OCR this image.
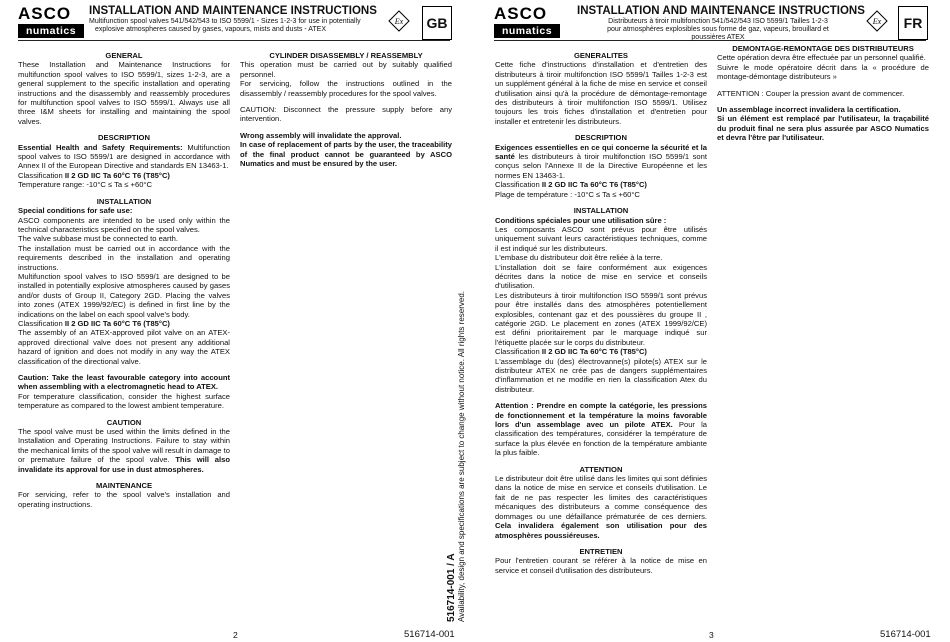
ASCO
numatics
INSTALLATION AND MAINTENANCE INSTRUCTIONS
Multifunction spool valves 541/542/543 to ISO 5599/1 - Sizes 1-2-3 for use in potentially
explosive atmospheres caused by gases, vapours, mists and dusts - ATEX
Ex	GB

GENERAL

These Installation and Maintenance Instructions for multifunction spool valves to ISO 5599/1, sizes 1-2-3, are a general supplement to the specific installation and operating instructions and the disassembly and reassembly procedures for multifunction spool valves to ISO 5599/1. Always use all three I&M sheets for installing and maintaining the spool valves.

DESCRIPTION

Essential Health and Safety Requirements: Multifunction spool valves to ISO 5599/1 are designed in accordance with Annex II of the European Directive and standards EN 13463-1.

Classification II 2 GD IIC Ta 60°C T6 (T85°C)

Temperature range: -10°C ≤ Ta ≤ +60°C

INSTALLATION

Special conditions for safe use:

ASCO components are intended to be used only within the technical characteristics specified on the spool valves.

The valve subbase must be connected to earth.

The installation must be carried out in accordance with the requirements described in the installation and operating instructions.

Multifunction spool valves to ISO 5599/1 are designed to be installed in potentially explosive atmospheres caused by gases and/or dusts of Group II, Category 2GD. Placing the valves into zones (ATEX 1999/92/EC) is defined in first line by the indications on the label on each spool valve's body.

Classification II 2 GD IIC Ta 60°C T6 (T85°C)

The assembly of an ATEX-approved pilot valve on an ATEX-approved directional valve does not present any additional hazard of ignition and does not modify in any way the ATEX classification of the directional valve.

Caution: Take the least favourable category into account when assembling with a electromagnetic head to ATEX.

For temperature classification, consider the highest surface temperature as compared to the lowest ambient temperature.

CAUTION

The spool valve must be used within the limits defined in the Installation and Operating Instructions. Failure to stay within the mechanical limits of the spool valve will result in damage to or premature failure of the spool valve. This will also invalidate its approval for use in dust atmospheres.

MAINTENANCE

For servicing, refer to the spool valve's installation and operating instructions.

CYLINDER DISASSEMBLY / REASSEMBLY

This operation must be carried out by suitably qualified personnel.

For servicing, follow the instructions outlined in the disassembly / reassembly procedures for the spool valves.

CAUTION: Disconnect the pressure supply before any intervention.

Wrong assembly will invalidate the approval.

In case of replacement of parts by the user, the traceability of the final product cannot be guaranteed by ASCO Numatics and must be ensured by the user.

2	516714-001
516714-001 / A Availability, design and specifications are subject to change without notice. All rights reserved.
ASCO
numatics
INSTALLATION AND MAINTENANCE INSTRUCTIONS
Distributeurs à tiroir multifonction 541/542/543 ISO 5599/1 Tailles 1-2-3
pour atmosphères explosibles sous forme de gaz, vapeurs, brouillard et
poussières ATEX
Ex	FR

GENERALITES

Cette fiche d'instructions d'installation et d'entretien des distributeurs à tiroir multifonction ISO 5599/1 Tailles 1-2-3 est un supplément général à la fiche de mise en service et conseil d'utilisation ainsi qu'à la procédure de démontage-remontage des distributeurs à tiroir multifonction ISO 5599/1. Utilisez toujours les trois fiches d'installation et d'entretien pour installer et entretenir les distributeurs.

DESCRIPTION

Exigences essentielles en ce qui concerne la sécurité et la santé les distributeurs à tiroir multifonction ISO 5599/1 sont conçus selon l'Annexe II de la Directive Européenne et les normes EN 13463-1.

Classification II 2 GD IIC Ta 60°C T6 (T85°C)

Plage de température : -10°C ≤ Ta ≤ +60°C

INSTALLATION

Conditions spéciales pour une utilisation sûre :

Les composants ASCO sont prévus pour être utilisés uniquement suivant leurs caractéristiques techniques, comme il est indiqué sur les distributeurs.

L'embase du distributeur doit être reliée à la terre.

L'installation doit se faire conformément aux exigences décrites dans la notice de mise en service et conseils d'utilisation.

Les distributeurs à tiroir multifonction ISO 5599/1 sont prévus pour être installés dans des atmosphères potentiellement explosibles, contenant gaz et des poussières du groupe II , catégorie 2GD. Le placement en zones (ATEX 1999/92/CE) est défini prioritairement par le marquage indiqué sur l'étiquette placée sur le corps du distributeur.

Classification II 2 GD IIC Ta 60°C T6 (T85°C)

L'assemblage du (des) électrovanne(s) pilote(s) ATEX sur le distributeur ATEX ne crée pas de dangers supplémentaires d'inflammation et ne modifie en rien la classification Atex du distributeur.

Attention : Prendre en compte la catégorie, les pressions de fonctionnement et la température la moins favorable lors d'un assemblage avec un pilote ATEX. Pour la classification des températures, considérer la température de surface la plus élevée en fonction de la température ambiante la plus faible.

ATTENTION

Le distributeur doit être utilisé dans les limites qui sont définies dans la notice de mise en service et conseils d'utilisation. Le fait de ne pas respecter les limites des caractéristiques mécaniques des distributeurs a comme conséquence des dommages ou une défaillance prématurée de ces derniers. Cela invalidera également son utilisation pour des atmosphères poussiéreuses.

ENTRETIEN

Pour l'entretien courant se référer à la notice de mise en service et conseil d'utilisation des distributeurs.

DEMONTAGE-REMONTAGE DES DISTRIBUTEURS

Cette opération devra être effectuée par un personnel qualifié.

Suivre le mode opératoire décrit dans la « procédure de montage-démontage distributeurs »

ATTENTION : Couper la pression avant de commencer.

Un assemblage incorrect invalidera la certification.

Si un élément est remplacé par l'utilisateur, la traçabilité du produit final ne sera plus assurée par ASCO Numatics et devra l'être par l'utilisateur.

3	516714-001
